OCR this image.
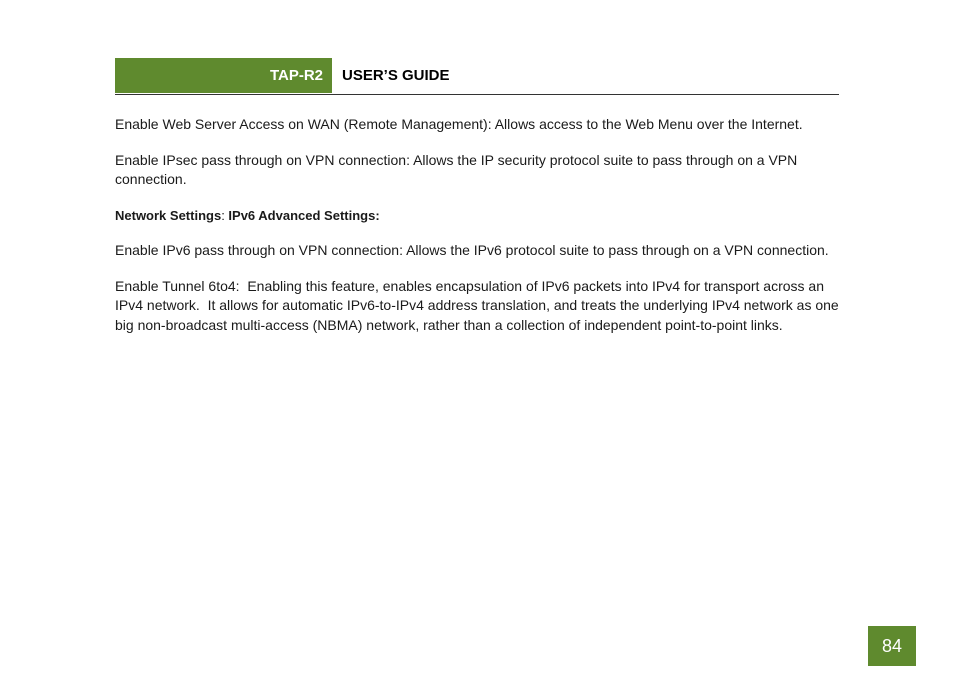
TAP-R2	USER’S GUIDE

Enable Web Server Access on WAN (Remote Management): Allows access to the Web Menu over the Internet.

Enable IPsec pass through on VPN connection: Allows the IP security protocol suite to pass through on a VPN connection.

Network Settings: IPv6 Advanced Settings:

Enable IPv6 pass through on VPN connection: Allows the IPv6 protocol suite to pass through on a VPN connection.

Enable Tunnel 6to4:  Enabling this feature, enables encapsulation of IPv6 packets into IPv4 for transport across an IPv4 network.  It allows for automatic IPv6-to-IPv4 address translation, and treats the underlying IPv4 network as one big non-broadcast multi-access (NBMA) network, rather than a collection of independent point-to-point links.

84
